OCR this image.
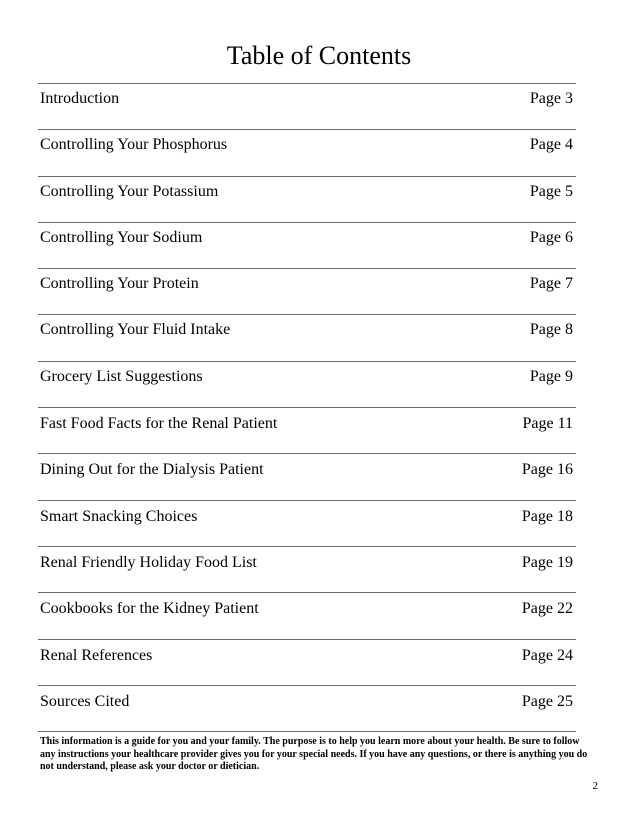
Table of Contents
Introduction	Page 3
Controlling Your Phosphorus	Page 4
Controlling Your Potassium	Page 5
Controlling Your Sodium	Page 6
Controlling Your Protein	Page 7
Controlling Your Fluid Intake	Page 8
Grocery List Suggestions	Page 9
Fast Food Facts for the Renal Patient	Page 11
Dining Out for the Dialysis Patient	Page 16
Smart Snacking Choices	Page 18
Renal Friendly Holiday Food List	Page 19
Cookbooks for the Kidney Patient	Page 22
Renal References	Page 24
Sources Cited	Page 25

This information is a guide for you and your family. The purpose is to help you learn more about your health. Be sure to follow any instructions your healthcare provider gives you for your special needs. If you have any questions, or there is anything you do not understand, please ask your doctor or dietician.

2
